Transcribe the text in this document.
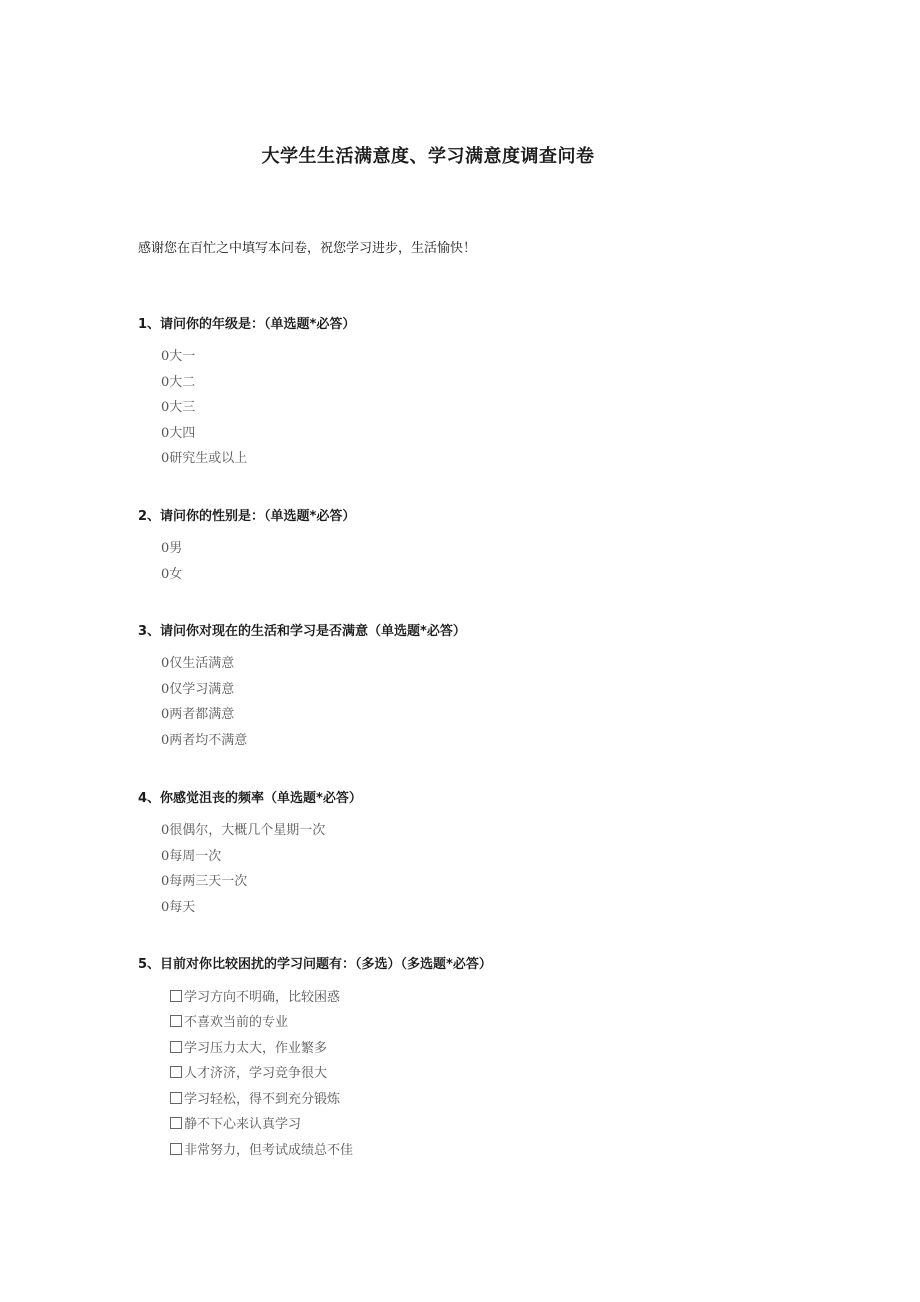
大学生生活满意度、学习满意度调查问卷
感谢您在百忙之中填写本问卷，祝您学习进步，生活愉快！
1、请问你的年级是：（单选题*必答）
0大一
0大二
0大三
0大四
0研究生或以上
2、请问你的性别是：（单选题*必答）
0男
0女
3、请问你对现在的生活和学习是否满意（单选题*必答）
0仅生活满意
0仅学习满意
0两者都满意
0两者均不满意
4、你感觉沮丧的频率（单选题*必答）
0很偶尔，大概几个星期一次
0每周一次
0每两三天一次
0每天
5、目前对你比较困扰的学习问题有：（多选）（多选题*必答）
学习方向不明确，比较困惑
不喜欢当前的专业
学习压力太大，作业繁多
人才济济，学习竞争很大
学习轻松，得不到充分锻炼
静不下心来认真学习
非常努力，但考试成绩总不佳
